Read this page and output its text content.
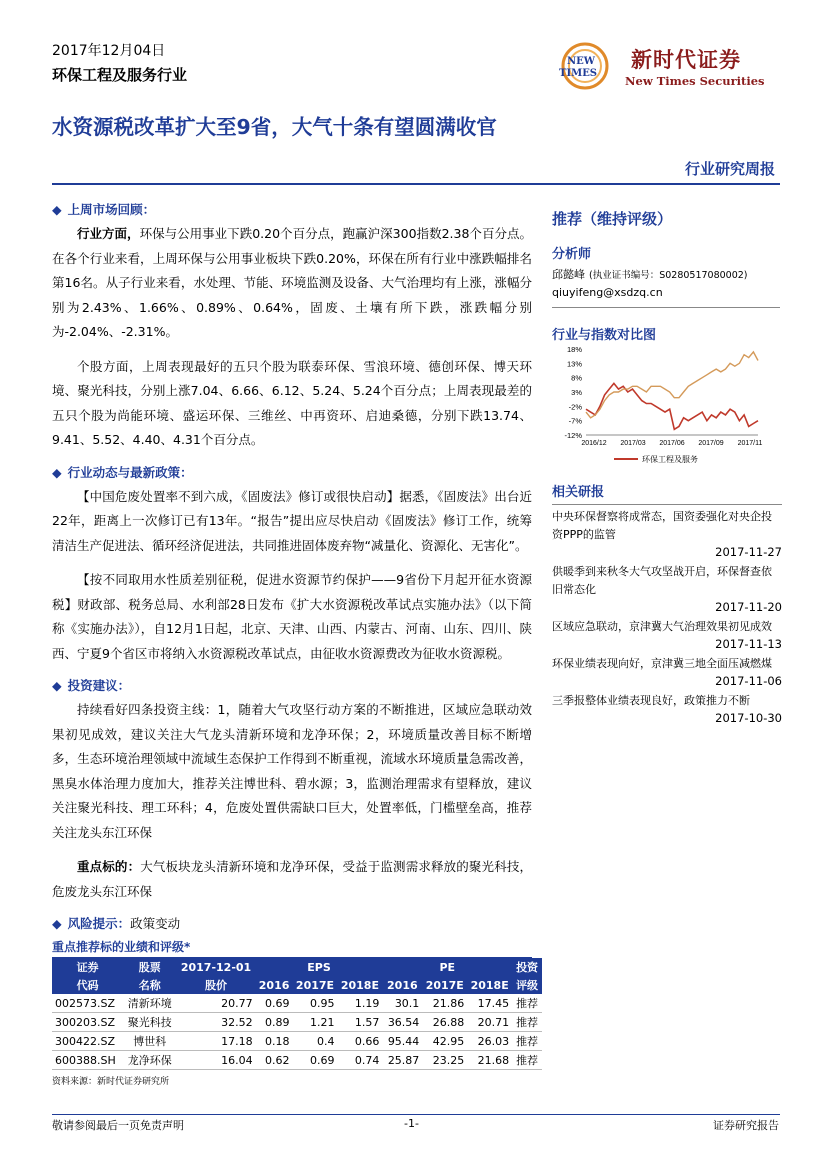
2017年12月04日
环保工程及服务行业
NEW
TIMES
新时代证券
New Times Securities
水资源税改革扩大至9省，大气十条有望圆满收官
行业研究周报
◆ 上周市场回顾：
行业方面，环保与公用事业下跌0.20个百分点，跑赢沪深300指数2.38个百分点。在各个行业来看，上周环保与公用事业板块下跌0.20%，环保在所有行业中涨跌幅排名第16名。从子行业来看，水处理、节能、环境监测及设备、大气治理均有上涨，涨幅分别为2.43%、1.66%、0.89%、0.64%，固废、土壤有所下跌，涨跌幅分别为-2.04%、-2.31%。
个股方面，上周表现最好的五只个股为联泰环保、雪浪环境、德创环保、博天环境、聚光科技，分别上涨7.04、6.66、6.12、5.24、5.24个百分点；上周表现最差的五只个股为尚能环境、盛运环保、三维丝、中再资环、启迪桑德，分别下跌13.74、9.41、5.52、4.40、4.31个百分点。
◆ 行业动态与最新政策：
【中国危废处置率不到六成，《固废法》修订或很快启动】据悉，《固废法》出台近22年，距离上一次修订已有13年。“报告”提出应尽快启动《固废法》修订工作，统筹清洁生产促进法、循环经济促进法，共同推进固体废弃物“减量化、资源化、无害化”。
【按不同取用水性质差别征税，促进水资源节约保护——9省份下月起开征水资源税】财政部、税务总局、水利部28日发布《扩大水资源税改革试点实施办法》（以下简称《实施办法》），自12月1日起，北京、天津、山西、内蒙古、河南、山东、四川、陕西、宁夏9个省区市将纳入水资源税改革试点，由征收水资源费改为征收水资源税。
◆ 投资建议：
持续看好四条投资主线：1，随着大气攻坚行动方案的不断推进，区域应急联动效果初见成效，建议关注大气龙头清新环境和龙净环保；2，环境质量改善目标不断增多，生态环境治理领域中流域生态保护工作得到不断重视，流域水环境质量急需改善，黑臭水体治理力度加大，推荐关注博世科、碧水源；3，监测治理需求有望释放，建议关注聚光科技、理工环科；4，危废处置供需缺口巨大，处置率低，门槛壁垒高，推荐关注龙头东江环保
重点标的：大气板块龙头清新环境和龙净环保，受益于监测需求释放的聚光科技，危废龙头东江环保
◆ 风险提示：政策变动
重点推荐标的业绩和评级*
证券	股票	2017-12-01	EPS			PE			投资
代码	名称	股价	2016	2017E	2018E	2016	2017E	2018E	评级
002573.SZ	清新环境	20.77	0.69	0.95	1.19	30.1	21.86	17.45	推荐
300203.SZ	聚光科技	32.52	0.89	1.21	1.57	36.54	26.88	20.71	推荐
300422.SZ	博世科	17.18	0.18	0.4	0.66	95.44	42.95	26.03	推荐
600388.SH	龙净环保	16.04	0.62	0.69	0.74	25.87	23.25	21.68	推荐
资料来源：新时代证券研究所
推荐（维持评级）
分析师
邱懿峰 (执业证书编号：S0280517080002)
qiuyifeng@xsdzq.cn
行业与指数对比图
18%
13%
8%
3%
-2%
-7%
-12%
2016/12 2017/03 2017/06 2017/09 2017/11
环保工程及服务
相关研报
中央环保督察将成常态，国资委强化对央企投资PPP的监管
2017-11-27
供暖季到来秋冬大气攻坚战开启，环保督查依旧常态化
2017-11-20
区域应急联动，京津冀大气治理效果初见成效
2017-11-13
环保业绩表现向好，京津冀三地全面压减燃煤
2017-11-06
三季报整体业绩表现良好，政策推力不断
2017-10-30
敬请参阅最后一页免责声明	-1-	证券研究报告
